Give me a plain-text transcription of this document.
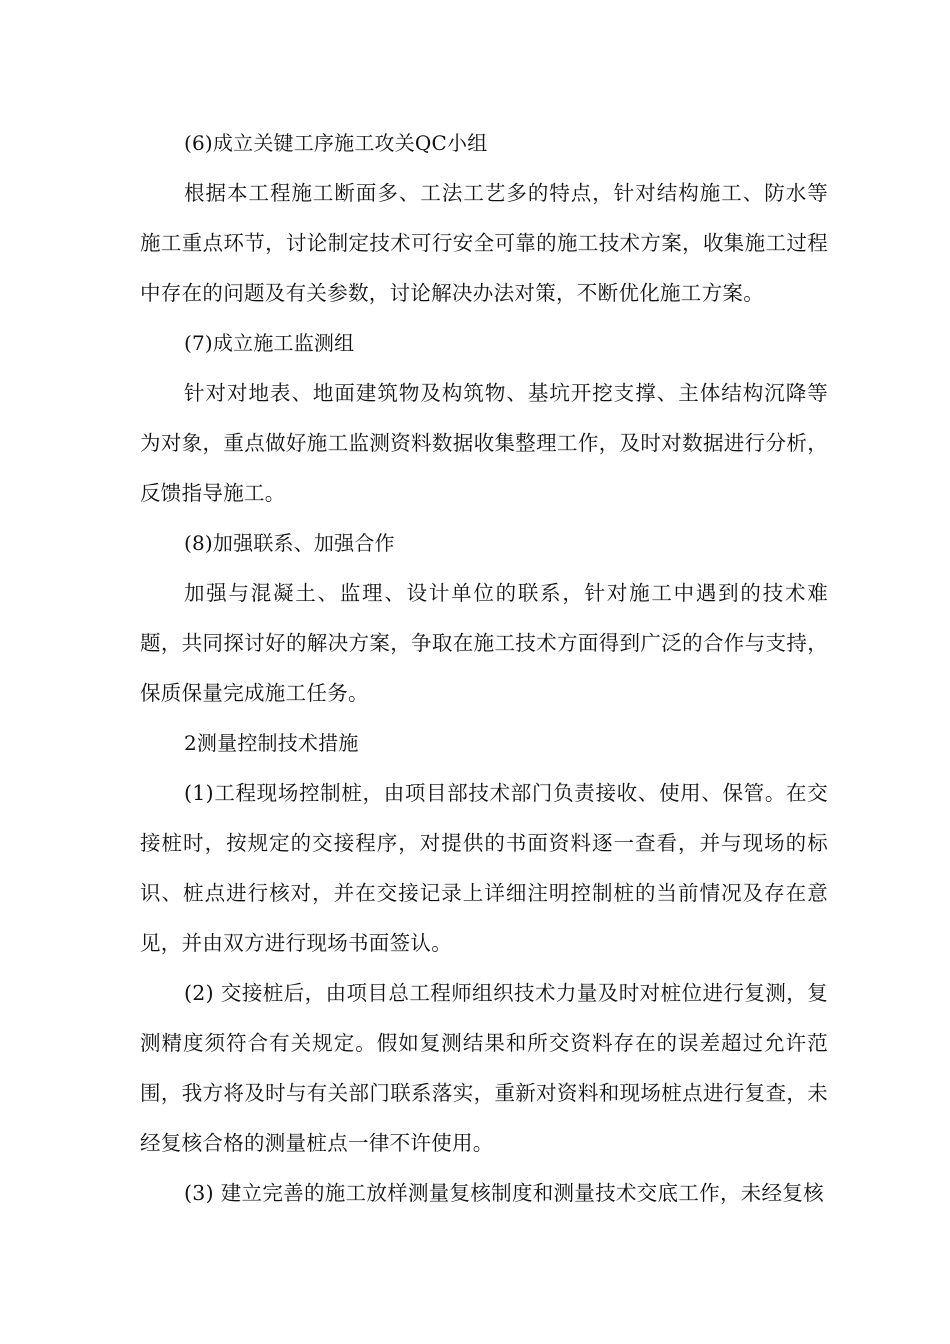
(6)成立关键工序施工攻关QC小组

根据本工程施工断面多、工法工艺多的特点，针对结构施工、防水等施工重点环节，讨论制定技术可行安全可靠的施工技术方案，收集施工过程中存在的问题及有关参数，讨论解决办法对策，不断优化施工方案。

(7)成立施工监测组

针对对地表、地面建筑物及构筑物、基坑开挖支撑、主体结构沉降等为对象，重点做好施工监测资料数据收集整理工作，及时对数据进行分析，反馈指导施工。

(8)加强联系、加强合作

加强与混凝土、监理、设计单位的联系，针对施工中遇到的技术难题，共同探讨好的解决方案，争取在施工技术方面得到广泛的合作与支持，保质保量完成施工任务。

2测量控制技术措施

(1)工程现场控制桩，由项目部技术部门负责接收、使用、保管。在交接桩时，按规定的交接程序，对提供的书面资料逐一查看，并与现场的标识、桩点进行核对，并在交接记录上详细注明控制桩的当前情况及存在意见，并由双方进行现场书面签认。

(2) 交接桩后，由项目总工程师组织技术力量及时对桩位进行复测，复测精度须符合有关规定。假如复测结果和所交资料存在的误差超过允许范围，我方将及时与有关部门联系落实，重新对资料和现场桩点进行复查，未经复核合格的测量桩点一律不许使用。

(3) 建立完善的施工放样测量复核制度和测量技术交底工作，未经复核
